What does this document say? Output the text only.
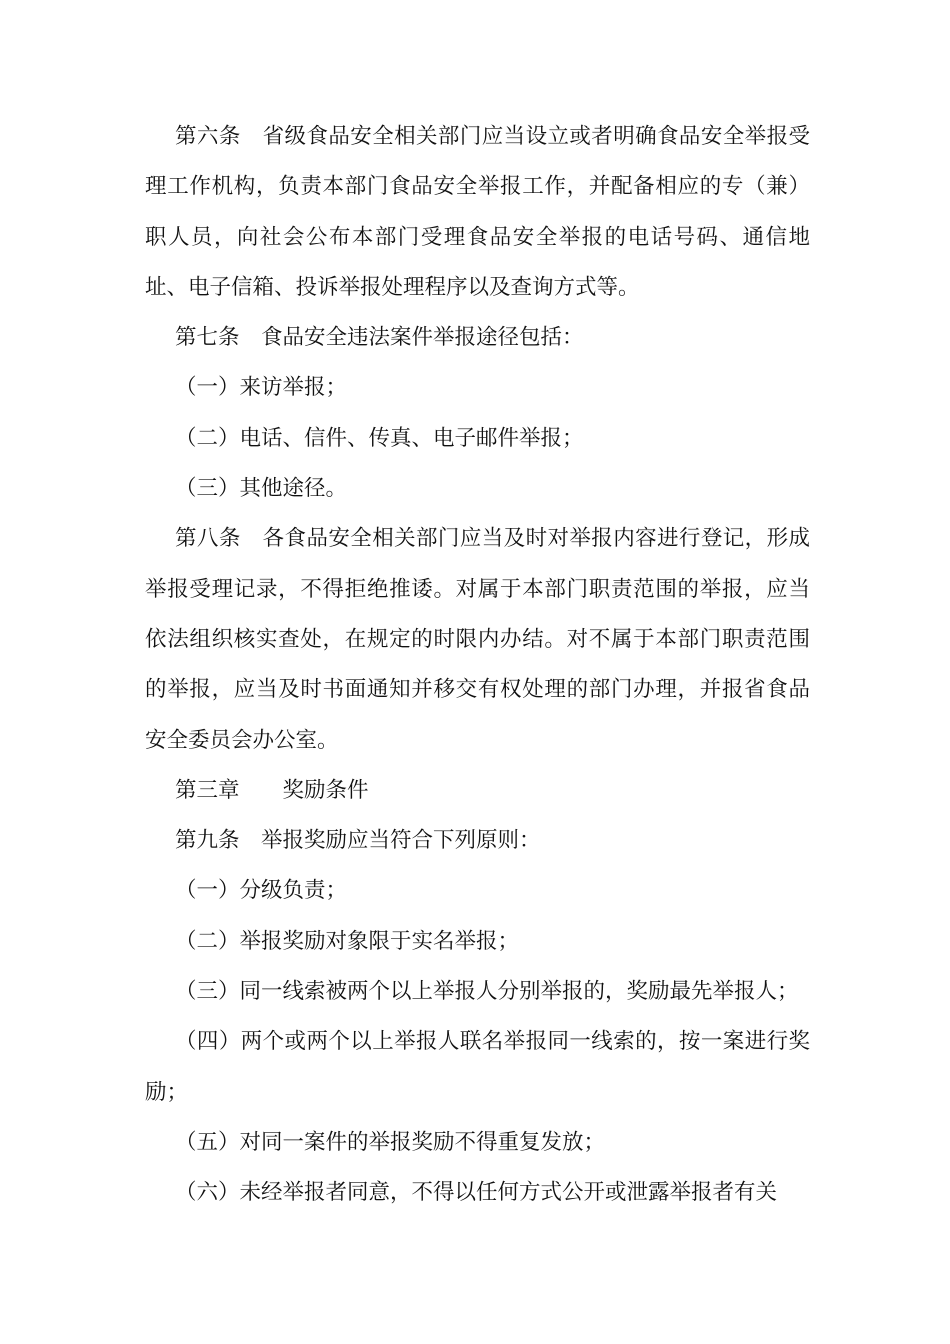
第六条　省级食品安全相关部门应当设立或者明确食品安全举报受理工作机构，负责本部门食品安全举报工作，并配备相应的专（兼）职人员，向社会公布本部门受理食品安全举报的电话号码、通信地址、电子信箱、投诉举报处理程序以及查询方式等。

第七条　食品安全违法案件举报途径包括：

（一）来访举报；

（二）电话、信件、传真、电子邮件举报；

（三）其他途径。

第八条　各食品安全相关部门应当及时对举报内容进行登记，形成举报受理记录，不得拒绝推诿。对属于本部门职责范围的举报，应当依法组织核实查处，在规定的时限内办结。对不属于本部门职责范围的举报，应当及时书面通知并移交有权处理的部门办理，并报省食品安全委员会办公室。

第三章　　奖励条件

第九条　举报奖励应当符合下列原则：

（一）分级负责；

（二）举报奖励对象限于实名举报；

（三）同一线索被两个以上举报人分别举报的，奖励最先举报人；

（四）两个或两个以上举报人联名举报同一线索的，按一案进行奖励；

（五）对同一案件的举报奖励不得重复发放；

（六）未经举报者同意，不得以任何方式公开或泄露举报者有关
